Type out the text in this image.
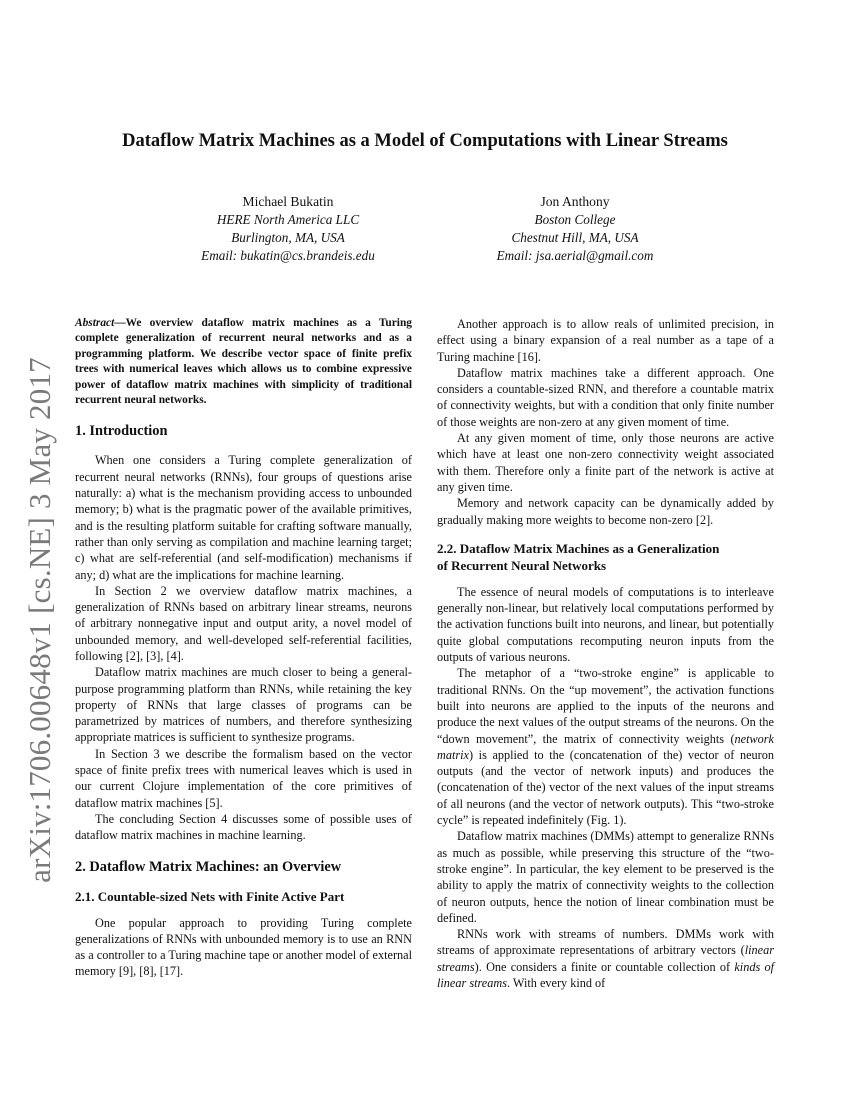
arXiv:1706.00648v1 [cs.NE] 3 May 2017
Dataflow Matrix Machines as a Model of Computations with Linear Streams
Michael Bukatin
HERE North America LLC
Burlington, MA, USA
Email: bukatin@cs.brandeis.edu
Jon Anthony
Boston College
Chestnut Hill, MA, USA
Email: jsa.aerial@gmail.com

Abstract—We overview dataflow matrix machines as a Turing complete generalization of recurrent neural networks and as a programming platform. We describe vector space of finite prefix trees with numerical leaves which allows us to combine expressive power of dataflow matrix machines with simplicity of traditional recurrent neural networks.

1. Introduction

When one considers a Turing complete generalization of recurrent neural networks (RNNs), four groups of questions arise naturally: a) what is the mechanism providing access to unbounded memory; b) what is the pragmatic power of the available primitives, and is the resulting platform suitable for crafting software manually, rather than only serving as compilation and machine learning target; c) what are self-referential (and self-modification) mechanisms if any; d) what are the implications for machine learning.

In Section 2 we overview dataflow matrix machines, a generalization of RNNs based on arbitrary linear streams, neurons of arbitrary nonnegative input and output arity, a novel model of unbounded memory, and well-developed self-referential facilities, following [2], [3], [4].

Dataflow matrix machines are much closer to being a general-purpose programming platform than RNNs, while retaining the key property of RNNs that large classes of programs can be parametrized by matrices of numbers, and therefore synthesizing appropriate matrices is sufficient to synthesize programs.

In Section 3 we describe the formalism based on the vector space of finite prefix trees with numerical leaves which is used in our current Clojure implementation of the core primitives of dataflow matrix machines [5].

The concluding Section 4 discusses some of possible uses of dataflow matrix machines in machine learning.

2. Dataflow Matrix Machines: an Overview
2.1. Countable-sized Nets with Finite Active Part

One popular approach to providing Turing complete generalizations of RNNs with unbounded memory is to use an RNN as a controller to a Turing machine tape or another model of external memory [9], [8], [17].

Another approach is to allow reals of unlimited precision, in effect using a binary expansion of a real number as a tape of a Turing machine [16].

Dataflow matrix machines take a different approach. One considers a countable-sized RNN, and therefore a countable matrix of connectivity weights, but with a condition that only finite number of those weights are non-zero at any given moment of time.

At any given moment of time, only those neurons are active which have at least one non-zero connectivity weight associated with them. Therefore only a finite part of the network is active at any given time.

Memory and network capacity can be dynamically added by gradually making more weights to become non-zero [2].

2.2. Dataflow Matrix Machines as a Generalization
of Recurrent Neural Networks

The essence of neural models of computations is to interleave generally non-linear, but relatively local computations performed by the activation functions built into neurons, and linear, but potentially quite global computations recomputing neuron inputs from the outputs of various neurons.

The metaphor of a “two-stroke engine” is applicable to traditional RNNs. On the “up movement”, the activation functions built into neurons are applied to the inputs of the neurons and produce the next values of the output streams of the neurons. On the “down movement”, the matrix of connectivity weights (network matrix) is applied to the (concatenation of the) vector of neuron outputs (and the vector of network inputs) and produces the (concatenation of the) vector of the next values of the input streams of all neurons (and the vector of network outputs). This “two-stroke cycle” is repeated indefinitely (Fig. 1).

Dataflow matrix machines (DMMs) attempt to generalize RNNs as much as possible, while preserving this structure of the “two-stroke engine”. In particular, the key element to be preserved is the ability to apply the matrix of connectivity weights to the collection of neuron outputs, hence the notion of linear combination must be defined.

RNNs work with streams of numbers. DMMs work with streams of approximate representations of arbitrary vectors (linear streams). One considers a finite or countable collection of kinds of linear streams. With every kind of
